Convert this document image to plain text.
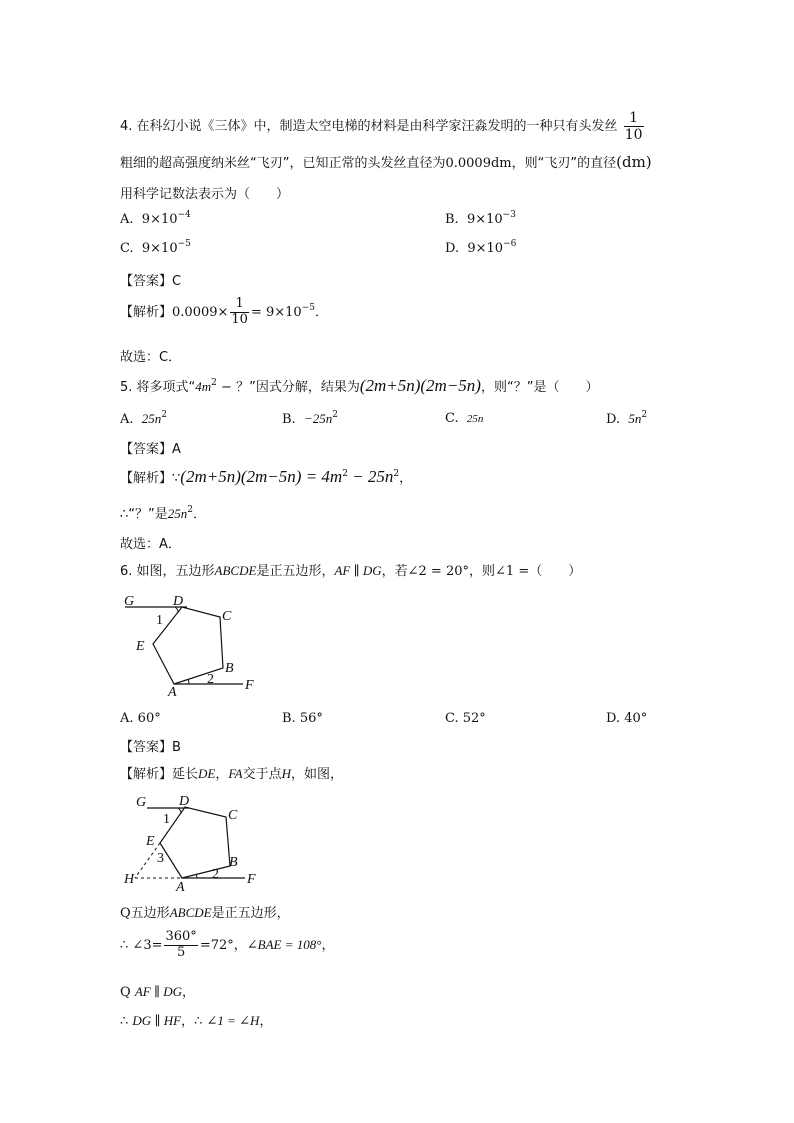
4. 在科幻小说《三体》中，制造太空电梯的材料是由科学家汪淼发明的一种只有头发丝 $\frac{1}{10}$
粗细的超高强度纳米丝“飞刃”，已知正常的头发丝直径为0.0009dm，则“飞刃”的直径(dm)
用科学记数法表示为（　　）
A. $9\times 10^{-4}$	B. $9\times 10^{-3}$
C. $9\times 10^{-5}$	D. $9\times 10^{-6}$
【答案】C
【解析】$0.0009\times \frac{1}{10} = 9\times 10^{-5}$．
故选：C．
5. 将多项式“$4m^2$ − ？”因式分解，结果为(2m+5n)(2m−5n)，则“？”是（　　）
A. $25n^2$	B. $-25n^2$	C. 25n	D. $5n^2$
【答案】A
【解析】∵(2m+5n)(2m−5n) = $4m^2 - 25n^2$，
∴“？”是$25n^2$．
故选：A．
6. 如图，五边形ABCDE是正五边形，AF ∥ DG，若∠2 = 20°，则∠1 =（　　）
G	D
C
E
1
B
A
2 F
A. 60°	B. 56°	C. 52°	D. 40°
【答案】B
【解析】延长DE，FA交于点H，如图，
G D
C
E
1
3
H
A
B
2 F
Q五边形ABCDE是正五边形，
∴ ∠3= $\frac{360^\circ}{5} =72^\circ$，∠BAE = 108°，
Q AF ∥ DG，
∴ DG ∥ HF，∴ ∠1 = ∠H，
